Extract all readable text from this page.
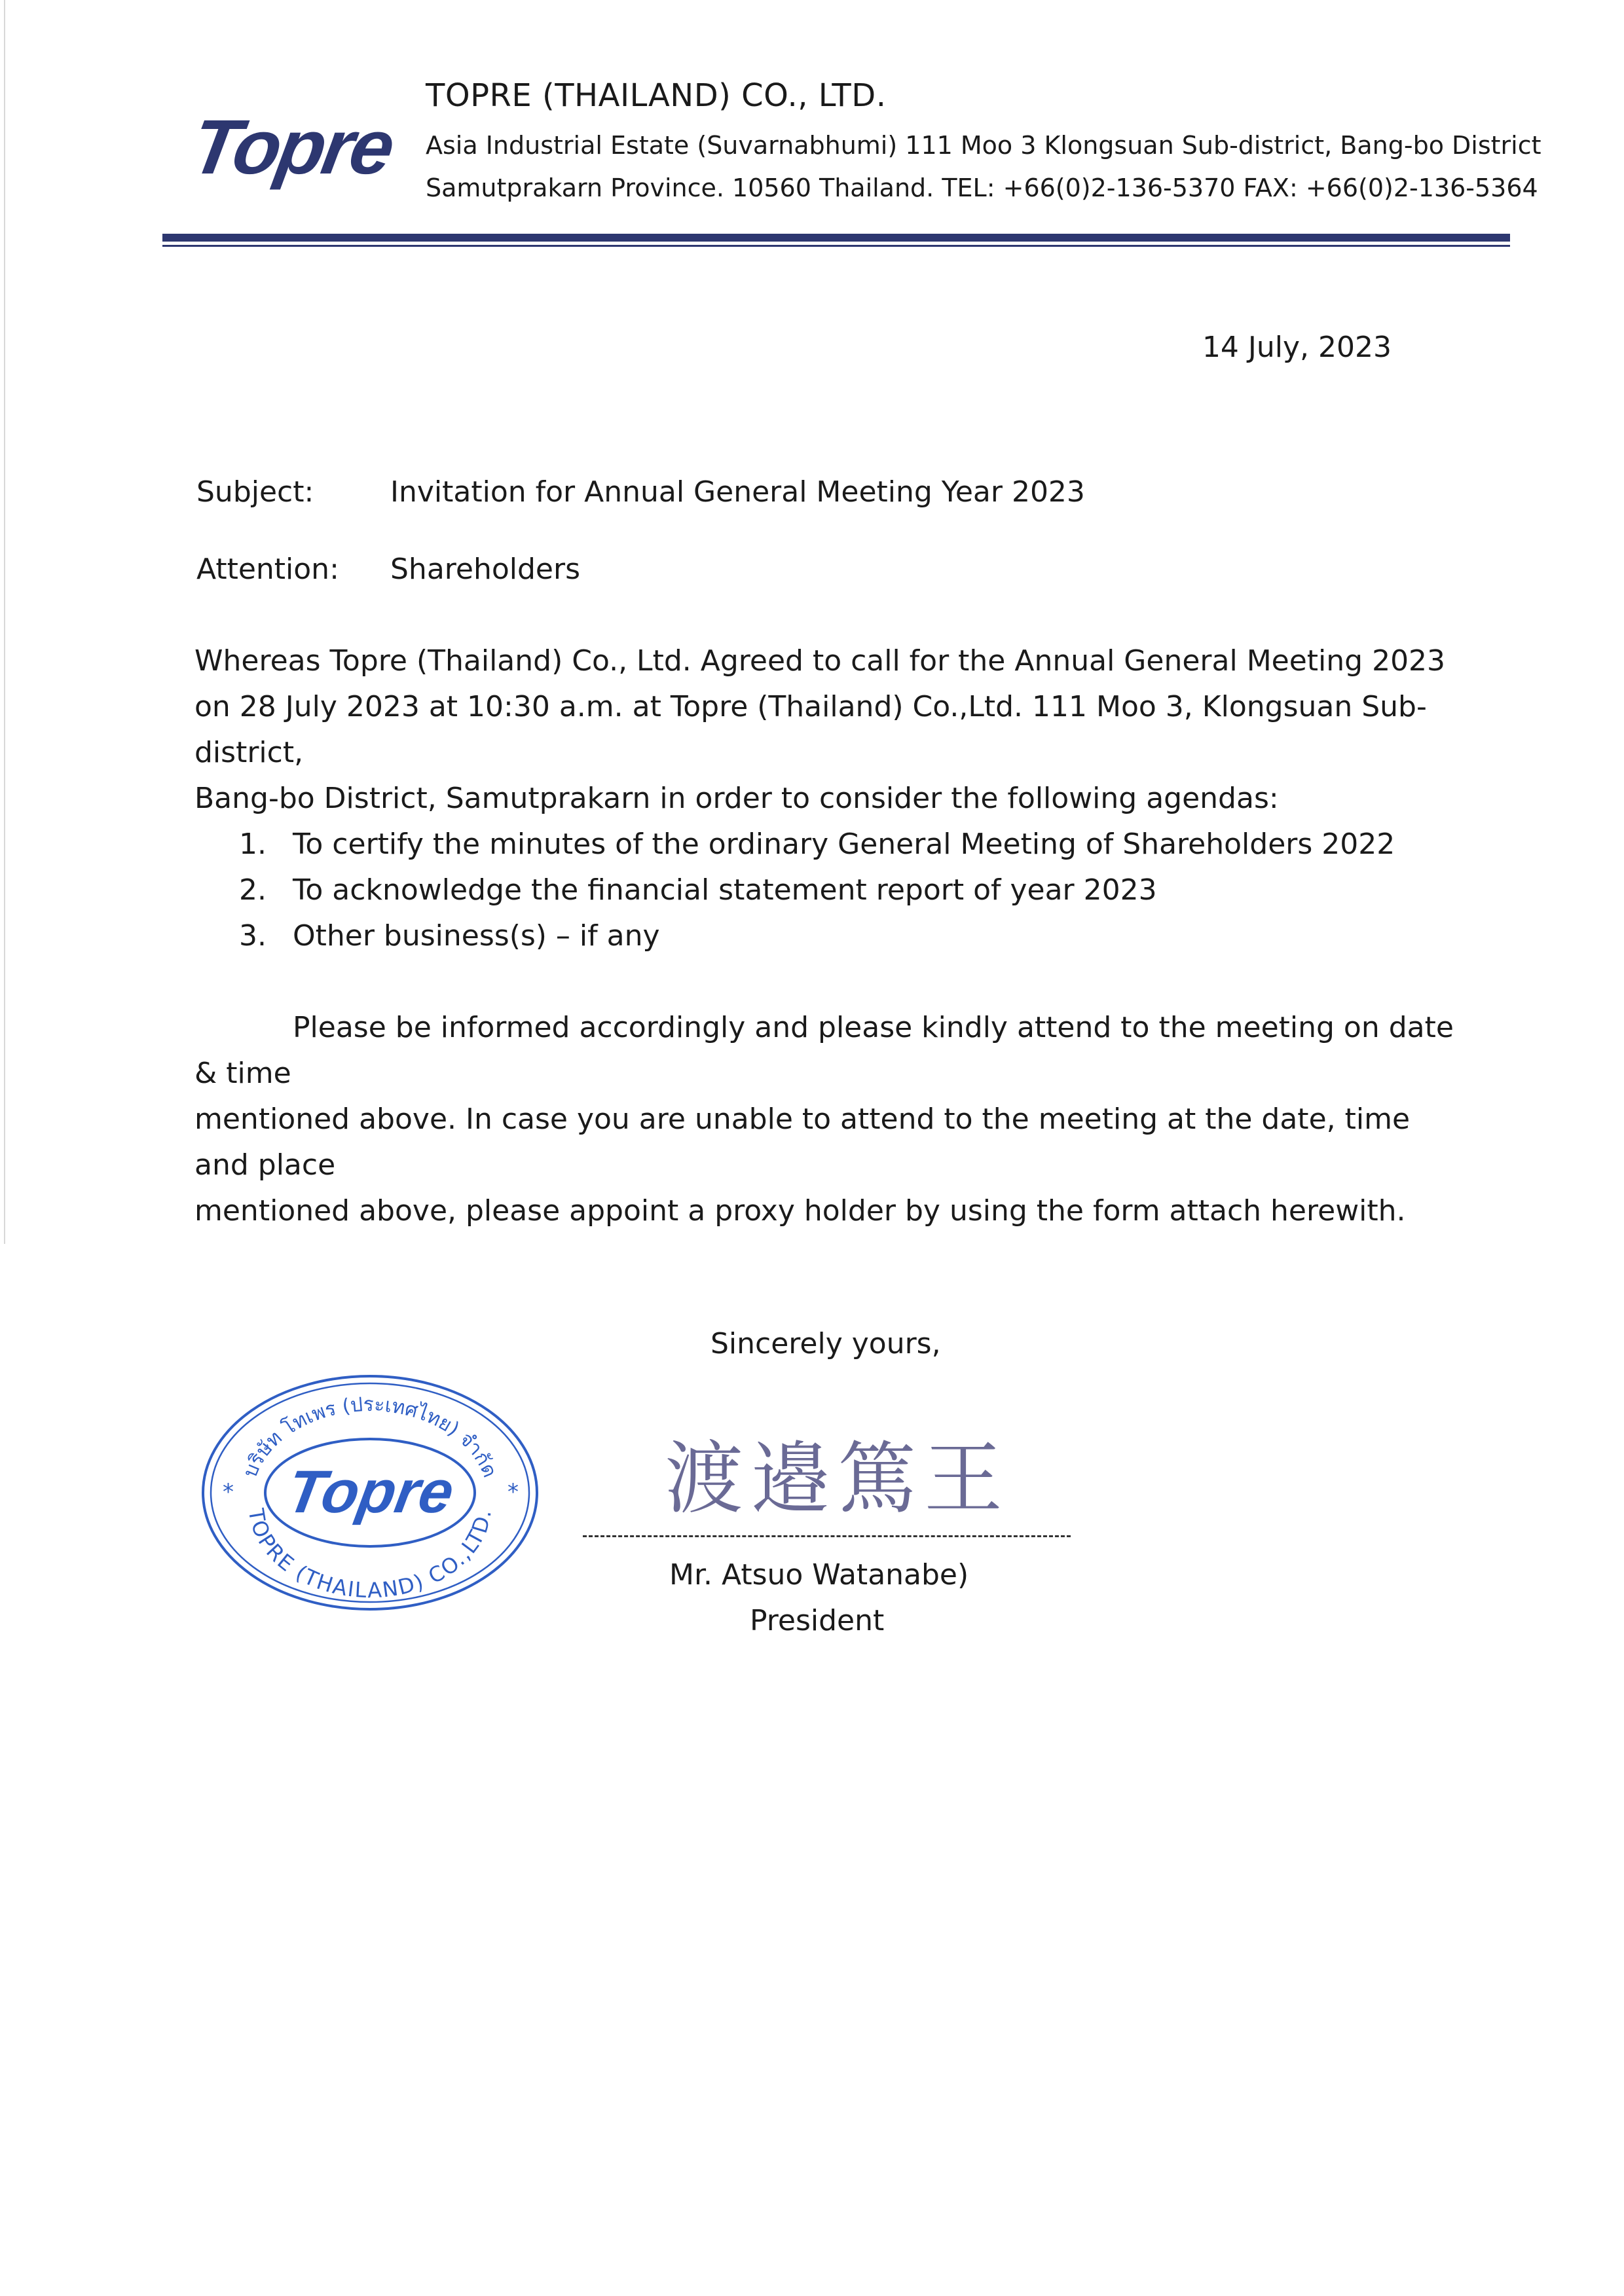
Topre
TOPRE (THAILAND) CO., LTD.
Asia Industrial Estate (Suvarnabhumi) 111 Moo 3 Klongsuan Sub-district, Bang-bo District
Samutprakarn Province. 10560 Thailand. TEL: +66(0)2-136-5370 FAX: +66(0)2-136-5364
14 July, 2023
Subject:	Invitation for Annual General Meeting Year 2023
Attention: Shareholders
Whereas Topre (Thailand) Co., Ltd. Agreed to call for the Annual General Meeting 2023
on 28 July 2023 at 10:30 a.m. at Topre (Thailand) Co.,Ltd. 111 Moo 3, Klongsuan Sub-district,
Bang-bo District, Samutprakarn in order to consider the following agendas:
1. To certify the minutes of the ordinary General Meeting of Shareholders 2022
2. To acknowledge the financial statement report of year 2023
3. Other business(s) – if any
Please be informed accordingly and please kindly attend to the meeting on date & time
mentioned above. In case you are unable to attend to the meeting at the date, time and place
mentioned above, please appoint a proxy holder by using the form attach herewith.
Sincerely yours,
บริษัท โทเพร (ประเทศไทย) จำกัด
TOPRE (THAILAND) CO.,LTD.
*	*
Topre	渡邉篤王
Mr. Atsuo Watanabe)
President
